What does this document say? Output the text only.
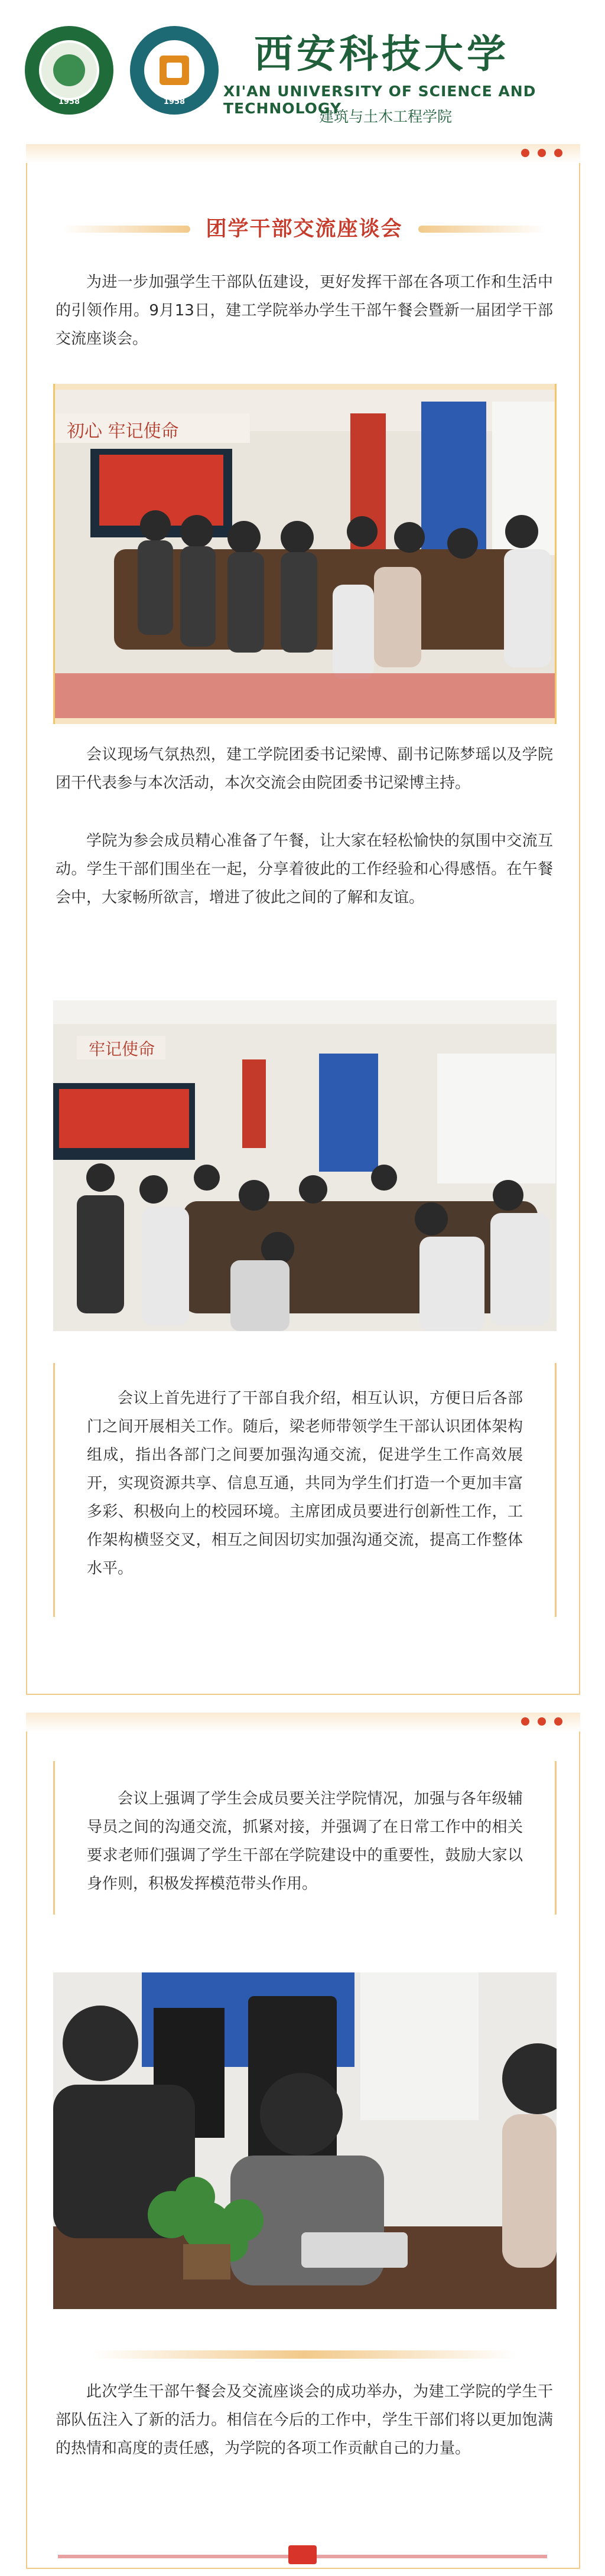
1958	1958
西安科技大学
XI'AN UNIVERSITY OF SCIENCE AND TECHNOLOGY
建筑与土木工程学院
团学干部交流座谈会

为进一步加强学生干部队伍建设，更好发挥干部在各项工作和生活中的引领作用。9月13日，建工学院举办学生干部午餐会暨新一届团学干部交流座谈会。

初心 牢记使命

会议现场气氛热烈，建工学院团委书记梁博、副书记陈梦瑶以及学院团干代表参与本次活动，本次交流会由院团委书记梁博主持。

学院为参会成员精心准备了午餐，让大家在轻松愉快的氛围中交流互动。学生干部们围坐在一起，分享着彼此的工作经验和心得感悟。在午餐会中，大家畅所欲言，增进了彼此之间的了解和友谊。

牢记使命

会议上首先进行了干部自我介绍，相互认识，方便日后各部门之间开展相关工作。随后，梁老师带领学生干部认识团体架构组成，指出各部门之间要加强沟通交流，促进学生工作高效展开，实现资源共享、信息互通，共同为学生们打造一个更加丰富多彩、积极向上的校园环境。主席团成员要进行创新性工作，工作架构横竖交叉，相互之间因切实加强沟通交流，提高工作整体水平。

会议上强调了学生会成员要关注学院情况，加强与各年级辅导员之间的沟通交流，抓紧对接，并强调了在日常工作中的相关要求老师们强调了学生干部在学院建设中的重要性，鼓励大家以身作则，积极发挥模范带头作用。

此次学生干部午餐会及交流座谈会的成功举办，为建工学院的学生干部队伍注入了新的活力。相信在今后的工作中，学生干部们将以更加饱满的热情和高度的责任感，为学院的各项工作贡献自己的力量。
